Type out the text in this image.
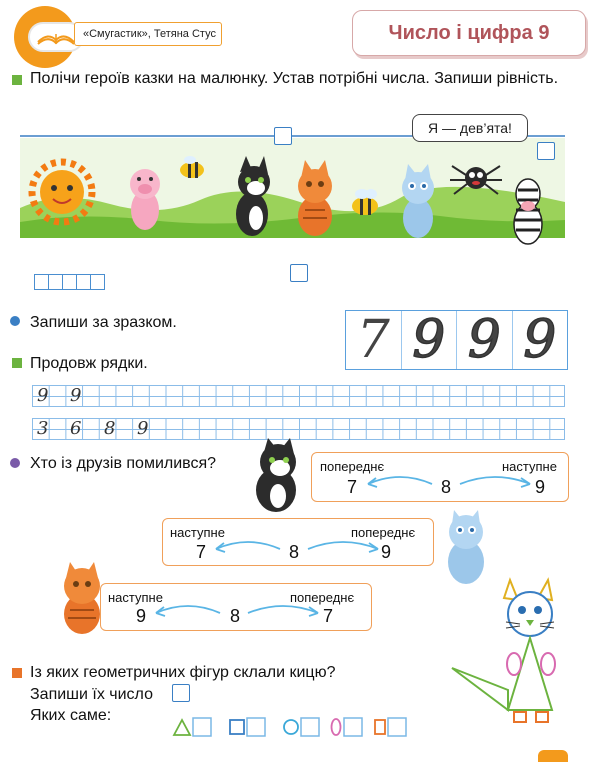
«Смугастик», Тетяна Стус	Число і цифра 9
Полічи героїв казки на малюнку. Устав потрібні числа. Запиши рівність.
Я — дев’ята!
Запиши за зразком.	7 9 9 9
Продовж рядки.
9 9
3 6 8 9
Хто із друзів помилився?	попереднє	наступне
7	8	9
наступне	попереднє
7	8	9
наступне	попереднє
9	8	7
Із яких геометричних фігур склали кицю?
Запиши їх число
Яких саме:
